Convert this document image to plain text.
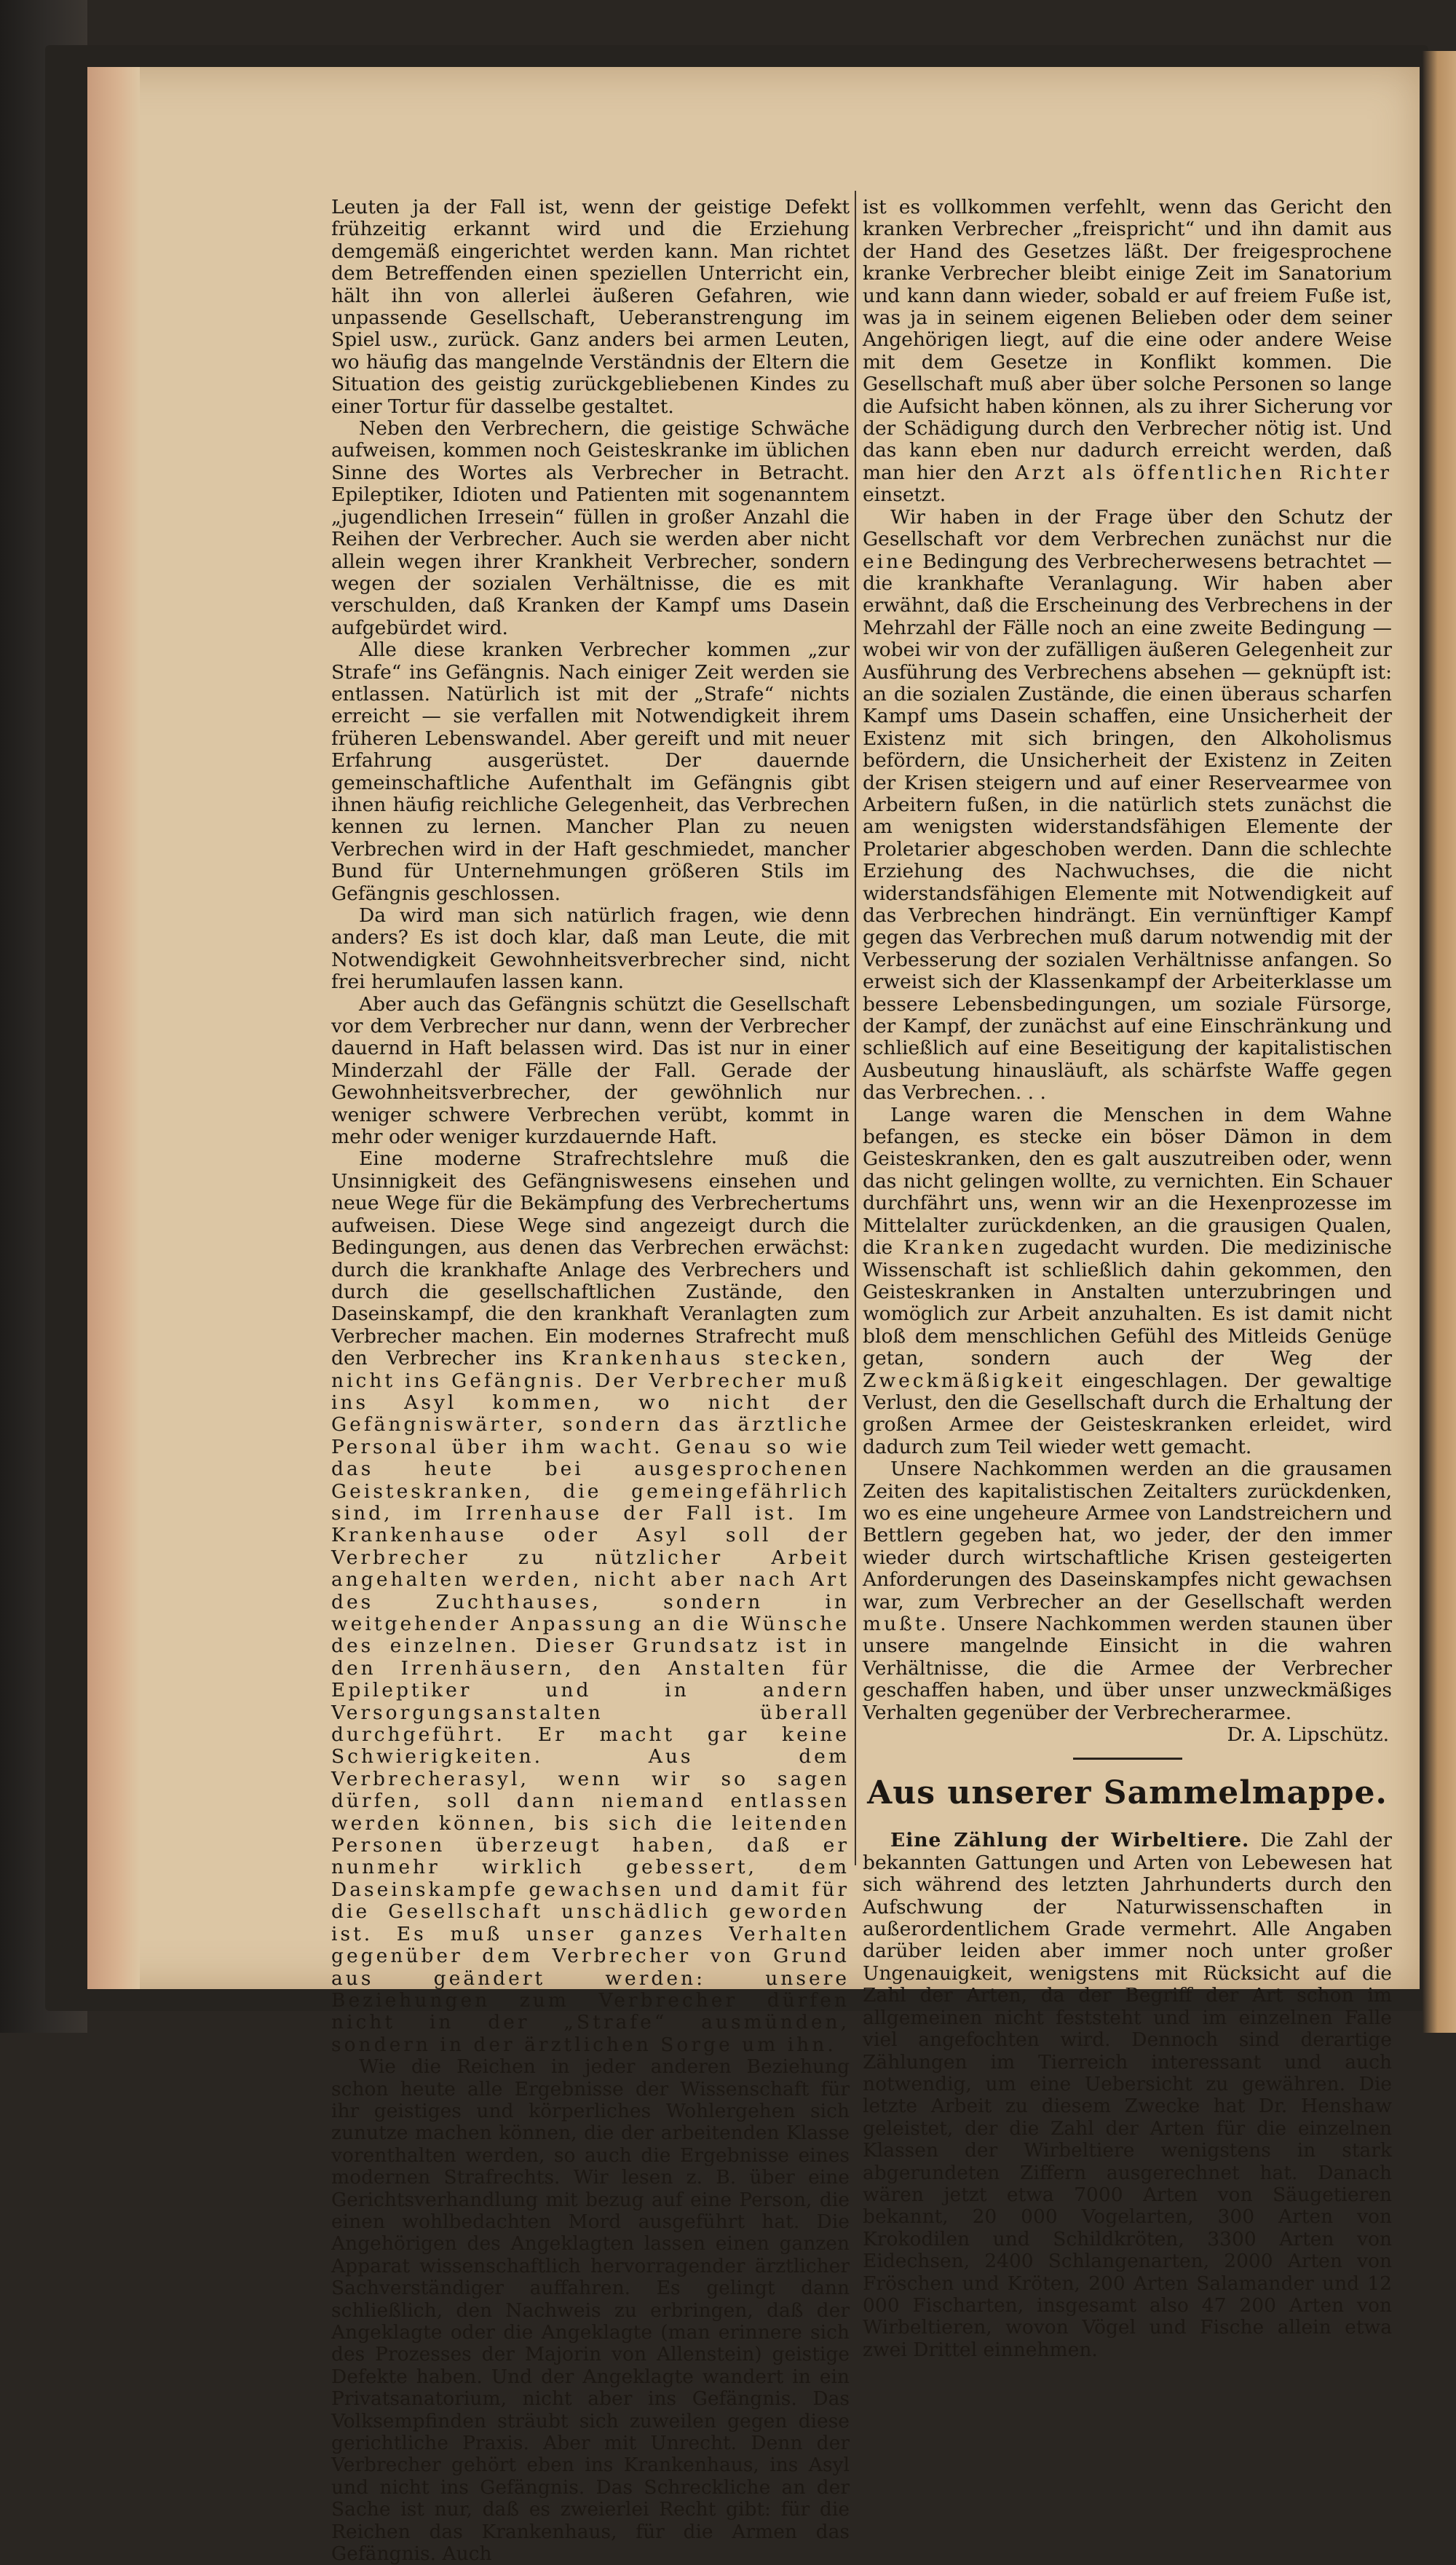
Leuten ja der Fall ist, wenn der geistige Defekt frühzeitig erkannt wird und die Erziehung demgemäß eingerichtet werden kann. Man richtet dem Betreffenden einen speziellen Unterricht ein, hält ihn von allerlei äußeren Gefahren, wie unpassende Gesellschaft, Ueberanstrengung im Spiel usw., zurück. Ganz anders bei armen Leuten, wo häufig das mangelnde Verständnis der Eltern die Situation des geistig zurückgebliebenen Kindes zu einer Tortur für dasselbe gestaltet.

Neben den Verbrechern, die geistige Schwäche aufweisen, kommen noch Geisteskranke im üblichen Sinne des Wortes als Verbrecher in Betracht. Epileptiker, Idioten und Patienten mit sogenanntem „jugendlichen Irresein“ füllen in großer Anzahl die Reihen der Verbrecher. Auch sie werden aber nicht allein wegen ihrer Krankheit Verbrecher, sondern wegen der sozialen Verhältnisse, die es mit verschulden, daß Kranken der Kampf ums Dasein aufgebürdet wird.

Alle diese kranken Verbrecher kommen „zur Strafe“ ins Gefängnis. Nach einiger Zeit werden sie entlassen. Natürlich ist mit der „Strafe“ nichts erreicht — sie verfallen mit Notwendigkeit ihrem früheren Lebenswandel. Aber gereift und mit neuer Erfahrung ausgerüstet. Der dauernde gemeinschaftliche Aufenthalt im Gefängnis gibt ihnen häufig reichliche Gelegenheit, das Verbrechen kennen zu lernen. Mancher Plan zu neuen Verbrechen wird in der Haft geschmiedet, mancher Bund für Unternehmungen größeren Stils im Gefängnis geschlossen.

Da wird man sich natürlich fragen, wie denn anders? Es ist doch klar, daß man Leute, die mit Notwendigkeit Gewohnheitsverbrecher sind, nicht frei herumlaufen lassen kann.

Aber auch das Gefängnis schützt die Gesellschaft vor dem Verbrecher nur dann, wenn der Verbrecher dauernd in Haft belassen wird. Das ist nur in einer Minderzahl der Fälle der Fall. Gerade der Gewohnheitsverbrecher, der gewöhnlich nur weniger schwere Verbrechen verübt, kommt in mehr oder weniger kurzdauernde Haft.

Eine moderne Strafrechtslehre muß die Unsinnigkeit des Gefängniswesens einsehen und neue Wege für die Bekämpfung des Verbrechertums aufweisen. Diese Wege sind angezeigt durch die Bedingungen, aus denen das Verbrechen erwächst: durch die krankhafte Anlage des Verbrechers und durch die gesellschaftlichen Zustände, den Daseinskampf, die den krankhaft Veranlagten zum Verbrecher machen. Ein modernes Strafrecht muß den Verbrecher ins Krankenhaus stecken, nicht ins Gefängnis. Der Verbrecher muß ins Asyl kommen, wo nicht der Gefängniswärter, sondern das ärztliche Personal über ihm wacht. Genau so wie das heute bei ausgesprochenen Geisteskranken, die gemeingefährlich sind, im Irrenhause der Fall ist. Im Krankenhause oder Asyl soll der Verbrecher zu nützlicher Arbeit angehalten werden, nicht aber nach Art des Zuchthauses, sondern in weitgehender Anpassung an die Wünsche des einzelnen. Dieser Grundsatz ist in den Irrenhäusern, den Anstalten für Epileptiker und in andern Versorgungsanstalten überall durchgeführt. Er macht gar keine Schwierigkeiten. Aus dem Verbrecherasyl, wenn wir so sagen dürfen, soll dann niemand entlassen werden können, bis sich die leitenden Personen überzeugt haben, daß er nunmehr wirklich gebessert, dem Daseinskampfe gewachsen und damit für die Gesellschaft unschädlich geworden ist. Es muß unser ganzes Verhalten gegenüber dem Verbrecher von Grund aus geändert werden: unsere Beziehungen zum Verbrecher dürfen nicht in der „Strafe“ ausmünden, sondern in der ärztlichen Sorge um ihn.

Wie die Reichen in jeder anderen Beziehung schon heute alle Ergebnisse der Wissenschaft für ihr geistiges und körperliches Wohlergehen sich zunutze machen können, die der arbeitenden Klasse vorenthalten werden, so auch die Ergebnisse eines modernen Strafrechts. Wir lesen z. B. über eine Gerichtsverhandlung mit bezug auf eine Person, die einen wohlbedachten Mord ausgeführt hat. Die Angehörigen des Angeklagten lassen einen ganzen Apparat wissenschaftlich hervorragender ärztlicher Sachverständiger auffahren. Es gelingt dann schließlich, den Nachweis zu erbringen, daß der Angeklagte oder die Angeklagte (man erinnere sich des Prozesses der Majorin von Allenstein) geistige Defekte haben. Und der Angeklagte wandert in ein Privatsanatorium, nicht aber ins Gefängnis. Das Volksempfinden sträubt sich zuweilen gegen diese gerichtliche Praxis. Aber mit Unrecht. Denn der Verbrecher gehört eben ins Krankenhaus, ins Asyl und nicht ins Gefängnis. Das Schreckliche an der Sache ist nur, daß es zweierlei Recht gibt: für die Reichen das Krankenhaus, für die Armen das Gefängnis. Auch

ist es vollkommen verfehlt, wenn das Gericht den kranken Verbrecher „freispricht“ und ihn damit aus der Hand des Gesetzes läßt. Der freigesprochene kranke Verbrecher bleibt einige Zeit im Sanatorium und kann dann wieder, sobald er auf freiem Fuße ist, was ja in seinem eigenen Belieben oder dem seiner Angehörigen liegt, auf die eine oder andere Weise mit dem Gesetze in Konflikt kommen. Die Gesellschaft muß aber über solche Personen so lange die Aufsicht haben können, als zu ihrer Sicherung vor der Schädigung durch den Verbrecher nötig ist. Und das kann eben nur dadurch erreicht werden, daß man hier den Arzt als öffentlichen Richter einsetzt.

Wir haben in der Frage über den Schutz der Gesellschaft vor dem Verbrechen zunächst nur die eine Bedingung des Verbrecherwesens betrachtet — die krankhafte Veranlagung. Wir haben aber erwähnt, daß die Erscheinung des Verbrechens in der Mehrzahl der Fälle noch an eine zweite Bedingung — wobei wir von der zufälligen äußeren Gelegenheit zur Ausführung des Verbrechens absehen — geknüpft ist: an die sozialen Zustände, die einen überaus scharfen Kampf ums Dasein schaffen, eine Unsicherheit der Existenz mit sich bringen, den Alkoholismus befördern, die Unsicherheit der Existenz in Zeiten der Krisen steigern und auf einer Reservearmee von Arbeitern fußen, in die natürlich stets zunächst die am wenigsten widerstandsfähigen Elemente der Proletarier abgeschoben werden. Dann die schlechte Erziehung des Nachwuchses, die die nicht widerstandsfähigen Elemente mit Notwendigkeit auf das Verbrechen hindrängt. Ein vernünftiger Kampf gegen das Verbrechen muß darum notwendig mit der Verbesserung der sozialen Verhältnisse anfangen. So erweist sich der Klassenkampf der Arbeiterklasse um bessere Lebensbedingungen, um soziale Fürsorge, der Kampf, der zunächst auf eine Einschränkung und schließlich auf eine Beseitigung der kapitalistischen Ausbeutung hinausläuft, als schärfste Waffe gegen das Verbrechen. . .

Lange waren die Menschen in dem Wahne befangen, es stecke ein böser Dämon in dem Geisteskranken, den es galt auszutreiben oder, wenn das nicht gelingen wollte, zu vernichten. Ein Schauer durchfährt uns, wenn wir an die Hexenprozesse im Mittelalter zurückdenken, an die grausigen Qualen, die Kranken zugedacht wurden. Die medizinische Wissenschaft ist schließlich dahin gekommen, den Geisteskranken in Anstalten unterzubringen und womöglich zur Arbeit anzuhalten. Es ist damit nicht bloß dem menschlichen Gefühl des Mitleids Genüge getan, sondern auch der Weg der Zweckmäßigkeit eingeschlagen. Der gewaltige Verlust, den die Gesellschaft durch die Erhaltung der großen Armee der Geisteskranken erleidet, wird dadurch zum Teil wieder wett gemacht.

Unsere Nachkommen werden an die grausamen Zeiten des kapitalistischen Zeitalters zurückdenken, wo es eine ungeheure Armee von Landstreichern und Bettlern gegeben hat, wo jeder, der den immer wieder durch wirtschaftliche Krisen gesteigerten Anforderungen des Daseinskampfes nicht gewachsen war, zum Verbrecher an der Gesellschaft werden mußte. Unsere Nachkommen werden staunen über unsere mangelnde Einsicht in die wahren Verhältnisse, die die Armee der Verbrecher geschaffen haben, und über unser unzweckmäßiges Verhalten gegenüber der Verbrecherarmee.

Dr. A. Lipschütz.

Aus unserer Sammelmappe.

Eine Zählung der Wirbeltiere. Die Zahl der bekannten Gattungen und Arten von Lebewesen hat sich während des letzten Jahrhunderts durch den Aufschwung der Naturwissenschaften in außerordentlichem Grade vermehrt. Alle Angaben darüber leiden aber immer noch unter großer Ungenauigkeit, wenigstens mit Rücksicht auf die Zahl der Arten, da der Begriff der Art schon im allgemeinen nicht feststeht und im einzelnen Falle viel angefochten wird. Dennoch sind derartige Zählungen im Tierreich interessant und auch notwendig, um eine Uebersicht zu gewähren. Die letzte Arbeit zu diesem Zwecke hat Dr. Henshaw geleistet, der die Zahl der Arten für die einzelnen Klassen der Wirbeltiere wenigstens in stark abgerundeten Ziffern ausgerechnet hat. Danach wären jetzt etwa 7000 Arten von Säugetieren bekannt, 20 000 Vogelarten, 300 Arten von Krokodilen und Schildkröten, 3300 Arten von Eidechsen, 2400 Schlangenarten, 2000 Arten von Fröschen und Kröten, 200 Arten Salamander und 12 000 Fischarten, insgesamt also 47 200 Arten von Wirbeltieren, wovon Vögel und Fische allein etwa zwei Drittel einnehmen.
